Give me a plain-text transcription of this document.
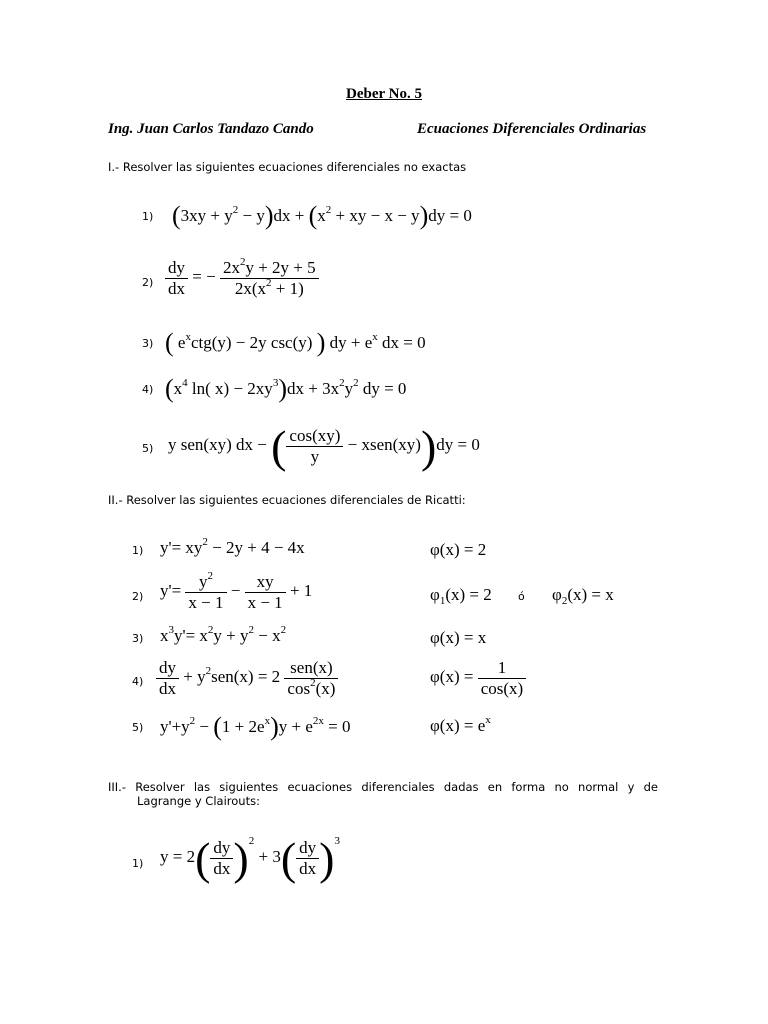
Deber No. 5
Ing. Juan Carlos Tandazo Cando	Ecuaciones Diferenciales Ordinarias
I.- Resolver las siguientes ecuaciones diferenciales no exactas
1) $(3xy + y^2 - y)dx + (x^2$ + xy − x − y)dy = 0
$2) \frac{dy}{dx}$ = − $\frac{2x^2y + 2y + 5}{2x(x^2 + 1)}$
3) ( $e^xctg(y) - 2y$ csc(y) ) dy + $e^x$ dx = 0
4) ($x^4$ ln( $x) - 2xy^3)dx + 3x^2y^2$ dy = 0
5) y sen(xy) dx − ( $\frac{\cos(xy)}{y}$ − xsen(xy))dy = 0
II.- Resolver las siguientes ecuaciones diferenciales de Ricatti:
1) $y'= xy^2 - 2y + 4 - 4x$	φ(x) = 2
2) $y'= \frac{y^2}{x - 1} - \frac{xy}{x - 1} + 1$	$\varphi_1(x) = 2$ ó $\varphi_2(x) = x$
3) $x^3y'= x^2y + y^2 - x^2$	φ(x) = x
$4) \frac{dy}{dx} + y^2sen(x) = 2 \frac{\text{sen(x)}}{\cos^2(x)}$	$\varphi(x) = \frac{1}{\cos(x)}$
5) $y'+y^2 - (1 + 2e^x)y + e^{2x} = 0$	$\varphi(x) = e^x$
III.- Resolver las siguientes ecuaciones diferenciales dadas en forma no normal y de
Lagrange y Clairouts:
1) $y = 2( \frac{dy}{dx} )^2 + 3( \frac{dy}{dx} )^3$
